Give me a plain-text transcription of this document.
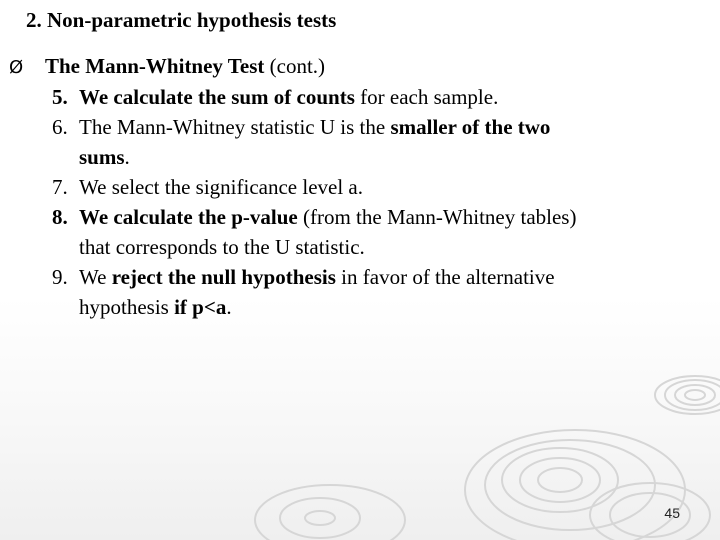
2. Non-parametric hypothesis tests
Ø The Mann-Whitney Test (cont.)
5. We calculate the sum of counts for each sample.
6. The Mann-Whitney statistic U is the smaller of the two
sums.
7. We select the significance level a.
8. We calculate the p-value (from the Mann-Whitney tables)
that corresponds to the U statistic.
9. We reject the null hypothesis in favor of the alternative
hypothesis if p<a.
45
